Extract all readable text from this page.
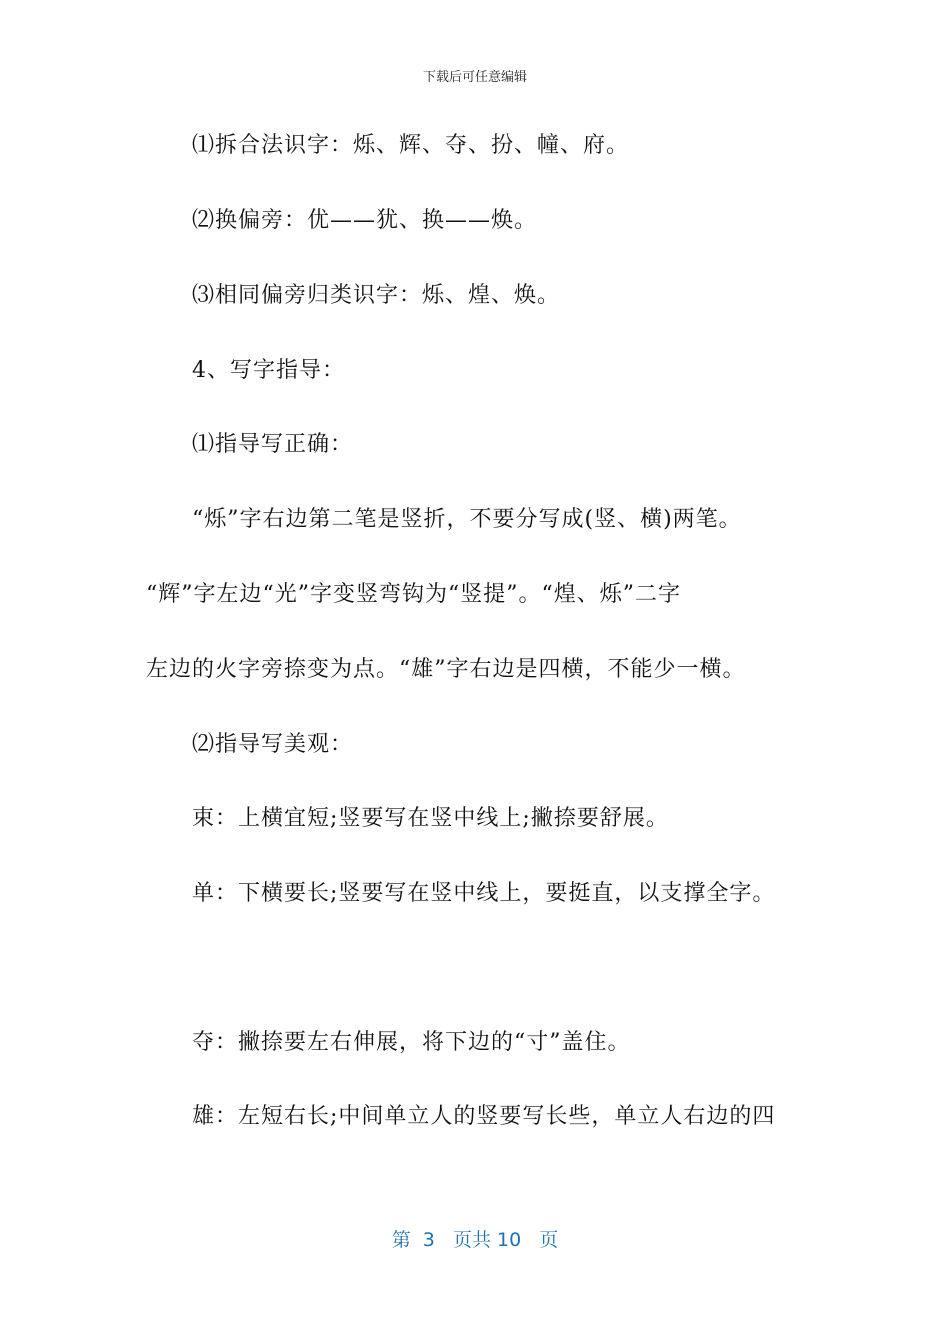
下载后可任意编辑
⑴拆合法识字：烁、辉、夺、扮、幢、府。
⑵换偏旁：优——犹、换——焕。
⑶相同偏旁归类识字：烁、煌、焕。
4、写字指导：
⑴指导写正确：
“烁”字右边第二笔是竖折，不要分写成(竖、横)两笔。
“辉”字左边“光”字变竖弯钩为“竖提”。“煌、烁”二字
左边的火字旁捺变为点。“雄”字右边是四横，不能少一横。
⑵指导写美观：
束：上横宜短;竖要写在竖中线上;撇捺要舒展。
单：下横要长;竖要写在竖中线上，要挺直，以支撑全字。
夺：撇捺要左右伸展，将下边的“寸”盖住。
雄：左短右长;中间单立人的竖要写长些，单立人右边的四
第  3   页共 10   页
